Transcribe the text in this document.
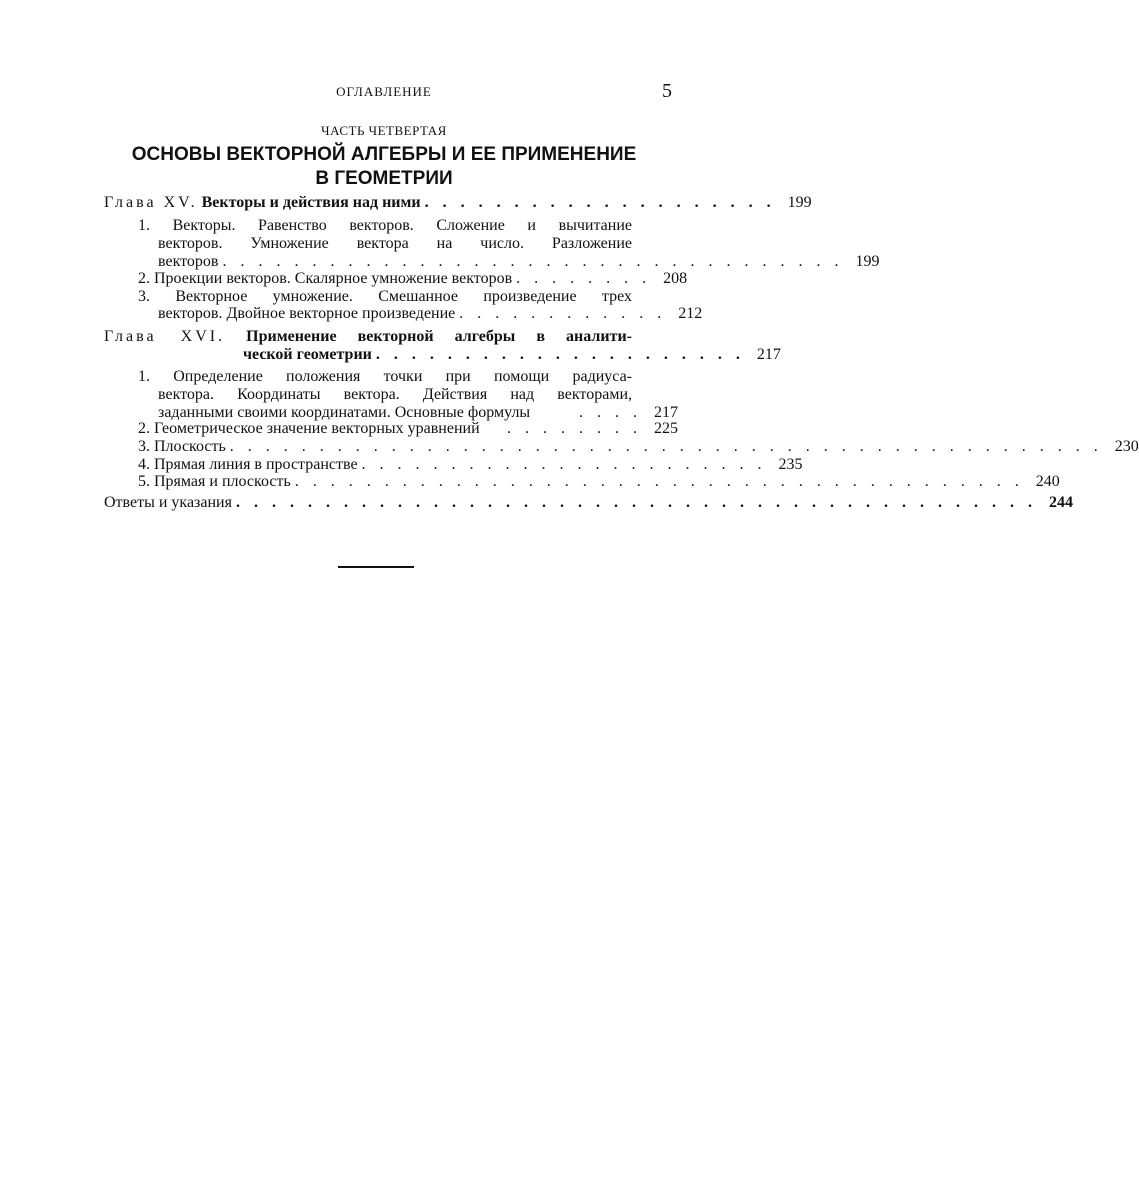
ОГЛАВЛЕНИЕ	5
ЧАСТЬ ЧЕТВЕРТАЯ
ОСНОВЫ ВЕКТОРНОЙ АЛГЕБРЫ И ЕЕ ПРИМЕНЕНИЕ
В ГЕОМЕТРИИ
Глава XV. Векторы и действия над ними . . . . . . . . . . . . . . . . . . . . 199
1. Векторы. Равенство векторов. Сложение и вычитание
векторов. Умножение вектора на число. Разложение
векторов . . . . . . . . . . . . . . . . . . . . . . . . . . . . . . . . . . . 199
2. Проекции векторов. Скалярное умножение векторов . . . . . . . . 208
3. Векторное умножение. Смешанное произведение трех
векторов. Двойное векторное произведение . . . . . . . . . . . . 212
Глава XVI. Применение векторной алгебры в аналити-
ческой геометрии . . . . . . . . . . . . . . . . . . . . . 217
1. Определение положения точки при помощи радиуса-
вектора. Координаты вектора. Действия над векторами,
заданными своими координатами. Основные формулы	. . . . 217
2. Геометрическое значение векторных уравнений	. . . . . . . . 225
3. Плоскость . . . . . . . . . . . . . . . . . . . . . . . . . . . . . . . . . . . . . . . . . . . . . . . . . 230
4. Прямая линия в пространстве . . . . . . . . . . . . . . . . . . . . . . . 235
5. Прямая и плоскость . . . . . . . . . . . . . . . . . . . . . . . . . . . . . . . . . . . . . . . . . 240
Ответы и указания . . . . . . . . . . . . . . . . . . . . . . . . . . . . . . . . . . . . . . . . . . . . . 244
